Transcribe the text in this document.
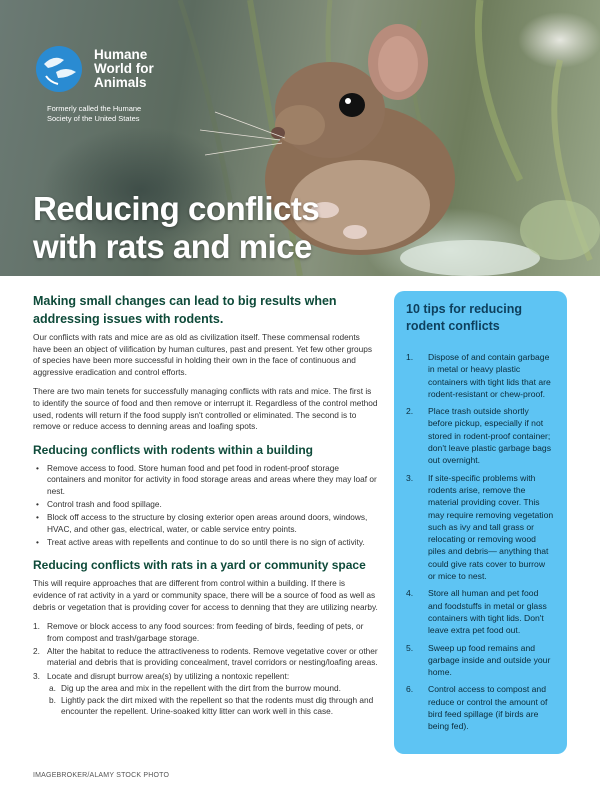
Humane World for Animals
Formerly called the Humane Society of the United States
Reducing conflicts
with rats and mice
Making small changes can lead to big results when addressing issues with rodents.

Our conflicts with rats and mice are as old as civilization itself. These commensal rodents have been an object of vilification by human cultures, past and present. Yet few other groups of species have been more successful in holding their own in the face of continuous and aggressive eradication and control efforts.

There are two main tenets for successfully managing conflicts with rats and mice. The first is to identify the source of food and then remove or interrupt it. Regardless of the control method used, rodents will return if the food supply isn't controlled or eliminated. The second is to remove or reduce access to denning areas and loafing spots.

Reducing conflicts with rodents within a building
• Remove access to food. Store human food and pet food in rodent-proof storage containers and monitor for activity in food storage areas and areas where they may loaf or nest.
• Control trash and food spillage.
• Block off access to the structure by closing exterior open areas around doors, windows, HVAC, and other gas, electrical, water, or cable service entry points.
• Treat active areas with repellents and continue to do so until there is no sign of activity.
Reducing conflicts with rats in a yard or community space

This will require approaches that are different from control within a building. If there is evidence of rat activity in a yard or community space, there will be a source of food as well as debris or vegetation that is providing cover for access to denning that they are utilizing nearby.

1. Remove or block access to any food sources: from feeding of birds, feeding of pets, or from compost and trash/garbage storage.
2. Alter the habitat to reduce the attractiveness to rodents. Remove vegetative cover or other material and debris that is providing concealment, travel corridors or nesting/loafing areas.
3. Locate and disrupt burrow area(s) by utilizing a nontoxic repellent:
a. Dig up the area and mix in the repellent with the dirt from the burrow mound.
b. Lightly pack the dirt mixed with the repellent so that the rodents must dig through and encounter the repellent. Urine-soaked kitty litter can work well in this case.
IMAGEBROKER/ALAMY STOCK PHOTO
10 tips for reducing rodent conflicts
1. Dispose of and contain garbage in metal or heavy plastic containers with tight lids that are rodent-resistant or chew-proof.
2. Place trash outside shortly before pickup, especially if not stored in rodent-proof container; don't leave plastic garbage bags out overnight.
3. If site-specific problems with rodents arise, remove the material providing cover. This may require removing vegetation such as ivy and tall grass or relocating or removing wood piles and debris— anything that could give rats cover to burrow or mice to nest.
4. Store all human and pet food and foodstuffs in metal or glass containers with tight lids. Don't leave extra pet food out.
5. Sweep up food remains and garbage inside and outside your home.
6. Control access to compost and reduce or control the amount of bird feed spillage (if birds are being fed).
